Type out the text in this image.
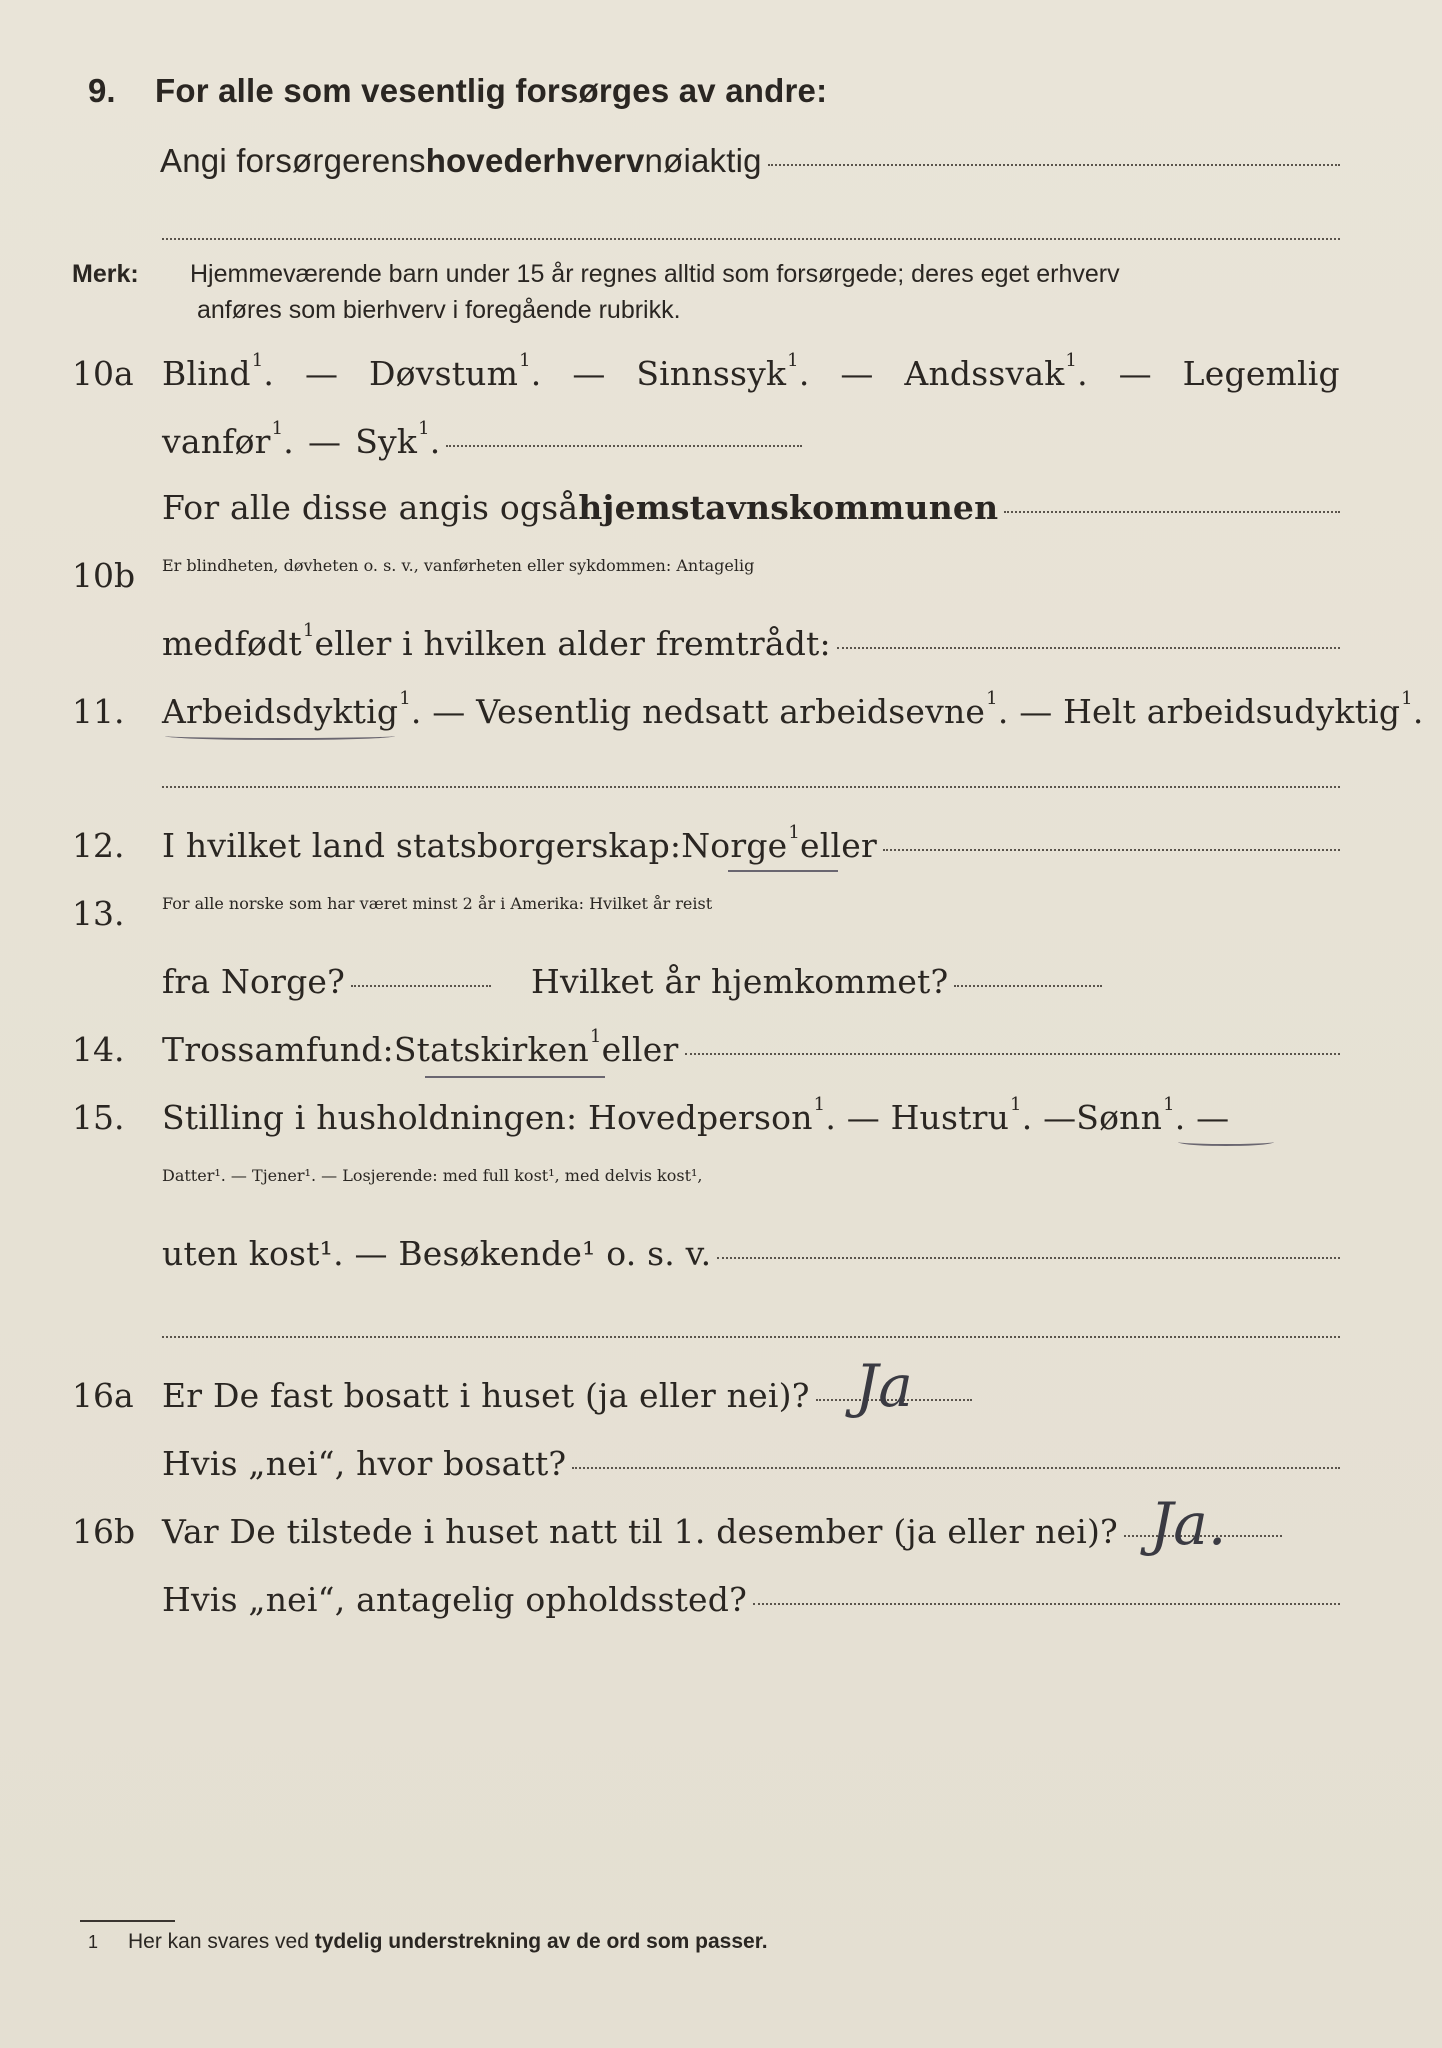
9. For alle som vesentlig forsørges av andre:
Angi forsørgerens hovederhverv nøiaktig
Merk: Hjemmeværende barn under 15 år regnes alltid som forsørgede; deres eget erhverv
anføres som bierhverv i foregående rubrikk.
10a Blind$^1$. — Døvstum$^1$. — Sinnssyk$^1$. — Andssvak$^1$. — Legemlig
vanfør$^1$. — Syk$^1$.
For alle disse angis også hjemstavnskommunen
10b Er blindheten, døvheten o. s. v., vanførheten eller sykdommen: Antagelig
medfødt$^1$ eller i hvilken alder fremtrådt:
11. Arbeidsdyktig$^1$ . — Vesentlig nedsatt arbeidsevne$^1$ . — Helt arbeidsudyktig$^1$.
12. I hvilket land statsborgerskap: Norge$^1$ eller
13. For alle norske som har været minst 2 år i Amerika: Hvilket år reist
fra Norge?	Hvilket år hjemkommet?
14. Trossamfund: Statskirken$^1$ eller
15. Stilling i husholdningen: Hovedperson$^1$ . — Hustru$^1$ . — Sønn$^1$ . —
Datter¹. — Tjener¹. — Losjerende: med full kost¹, med delvis kost¹,
uten kost¹. — Besøkende¹ o. s. v.
16a Er De fast bosatt i huset (ja eller nei)? Ja
Hvis „nei“, hvor bosatt?
16b Var De tilstede i huset natt til 1. desember (ja eller nei)? Ja.
Hvis „nei“, antagelig opholdssted?
1 Her kan svares ved tydelig understrekning av de ord som passer.
